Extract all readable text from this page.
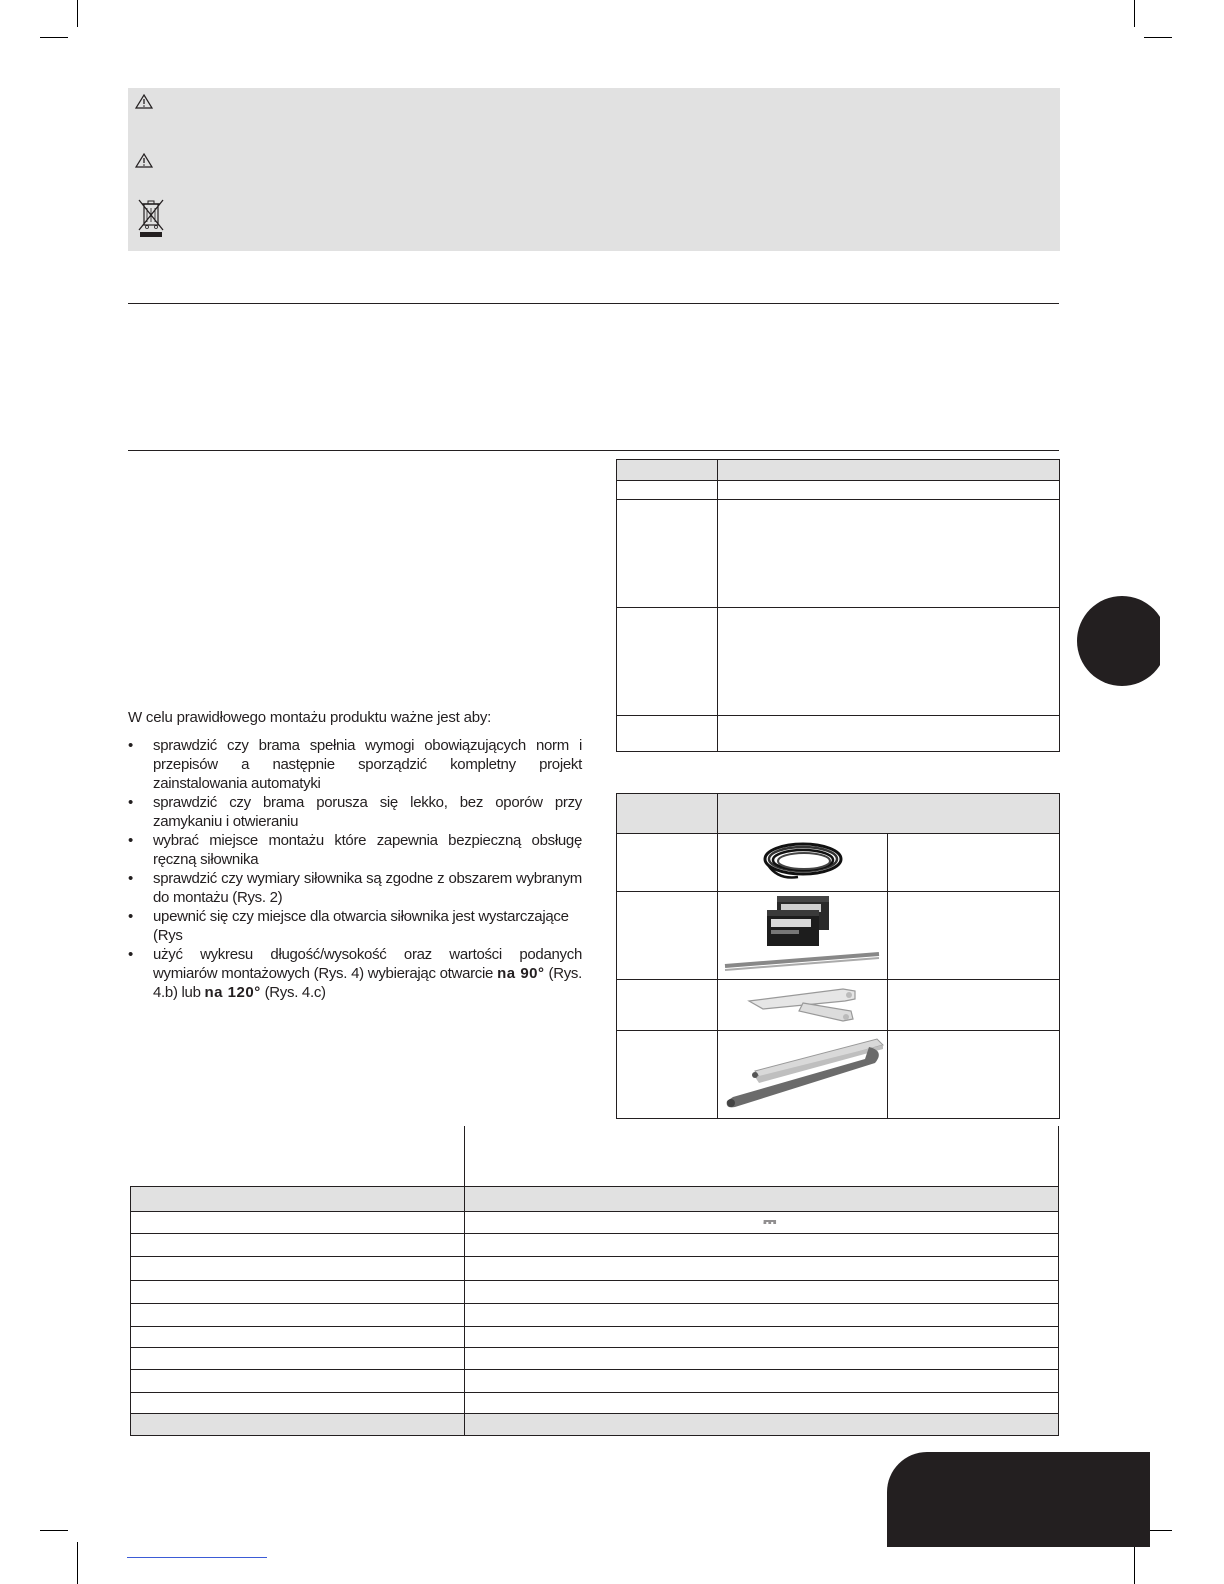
W celu prawidłowego montażu produktu ważne jest aby:
• sprawdzić czy brama spełnia wymogi obowiązujących norm i przepisów a następnie sporządzić kompletny projekt zainstalowania automatyki
• sprawdzić czy brama porusza się lekko, bez oporów przy zamykaniu i otwieraniu
• wybrać miejsce montażu które zapewnia bezpieczną obsługę ręczną siłownika
• sprawdzić czy wymiary siłownika są zgodne z obszarem wybranym do montażu (Rys. 2)
• upewnić się czy miejsce dla otwarcia siłownika jest wystarczające (Rys
• użyć wykresu długość/wysokość oraz wartości podanych wymiarów montażowych (Rys. 4) wybierając otwarcie na 90° (Rys. 4.b) lub na 120° (Rys. 4.c)

	⎓
